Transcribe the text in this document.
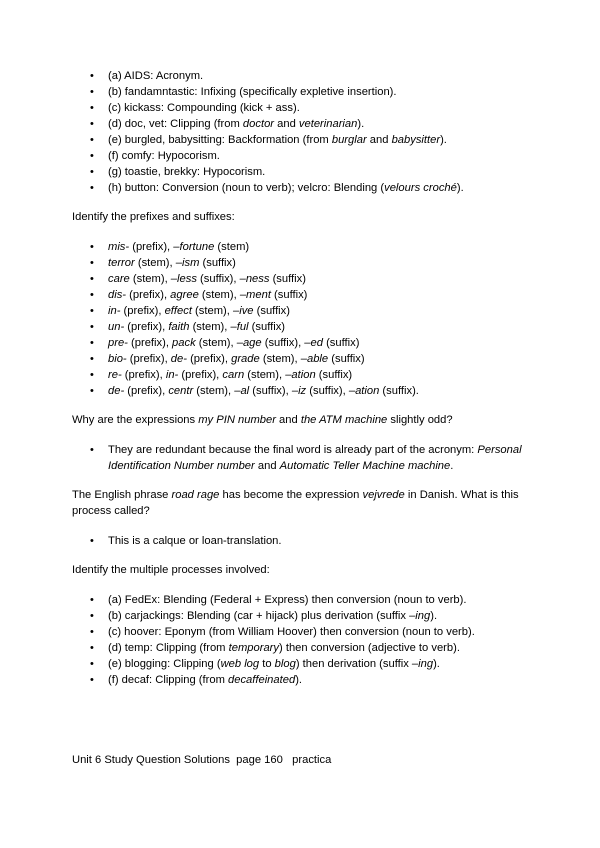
• (a) AIDS: Acronym.
• (b) fandamntastic: Infixing (specifically expletive insertion).
• (c) kickass: Compounding (kick + ass).
• (d) doc, vet: Clipping (from doctor and veterinarian).
• (e) burgled, babysitting: Backformation (from burglar and babysitter).
• (f) comfy: Hypocorism.
• (g) toastie, brekky: Hypocorism.
• (h) button: Conversion (noun to verb); velcro: Blending (velours croché).

Identify the prefixes and suffixes:

• mis- (prefix), –fortune (stem)
• terror (stem), –ism (suffix)
• care (stem), –less (suffix), –ness (suffix)
• dis- (prefix), agree (stem), –ment (suffix)
• in- (prefix), effect (stem), –ive (suffix)
• un- (prefix), faith (stem), –ful (suffix)
• pre- (prefix), pack (stem), –age (suffix), –ed (suffix)
• bio- (prefix), de- (prefix), grade (stem), –able (suffix)
• re- (prefix), in- (prefix), carn (stem), –ation (suffix)
• de- (prefix), centr (stem), –al (suffix), –iz (suffix), –ation (suffix).

Why are the expressions my PIN number and the ATM machine slightly odd?

• They are redundant because the final word is already part of the acronym: Personal Identification Number number and Automatic Teller Machine machine.

The English phrase road rage has become the expression vejvrede in Danish. What is this process called?

• This is a calque or loan-translation.

Identify the multiple processes involved:

• (a) FedEx: Blending (Federal + Express) then conversion (noun to verb).
• (b) carjackings: Blending (car + hijack) plus derivation (suffix –ing).
• (c) hoover: Eponym (from William Hoover) then conversion (noun to verb).
• (d) temp: Clipping (from temporary) then conversion (adjective to verb).
• (e) blogging: Clipping (web log to blog) then derivation (suffix –ing).
• (f) decaf: Clipping (from decaffeinated).
Unit 6 Study Question Solutions  page 160   practica
